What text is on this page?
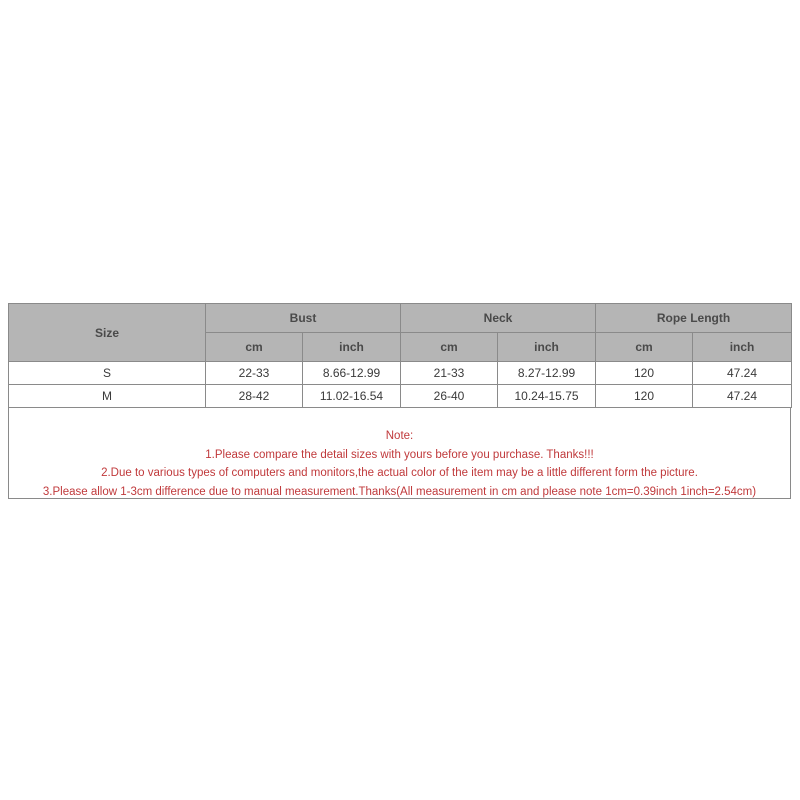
Size	Bust		Neck		Rope Length	
	cm	inch	cm	inch	cm	inch
S	22-33	8.66-12.99	21-33	8.27-12.99	120	47.24
M	28-42	11.02-16.54	26-40	10.24-15.75	120	47.24
Note:
1.Please compare the detail sizes with yours before you purchase. Thanks!!!
2.Due to various types of computers and monitors,the actual color of the item may be a little different form the picture.
3.Please allow 1-3cm difference due to manual measurement.Thanks(All measurement in cm and please note 1cm=0.39inch 1inch=2.54cm)
